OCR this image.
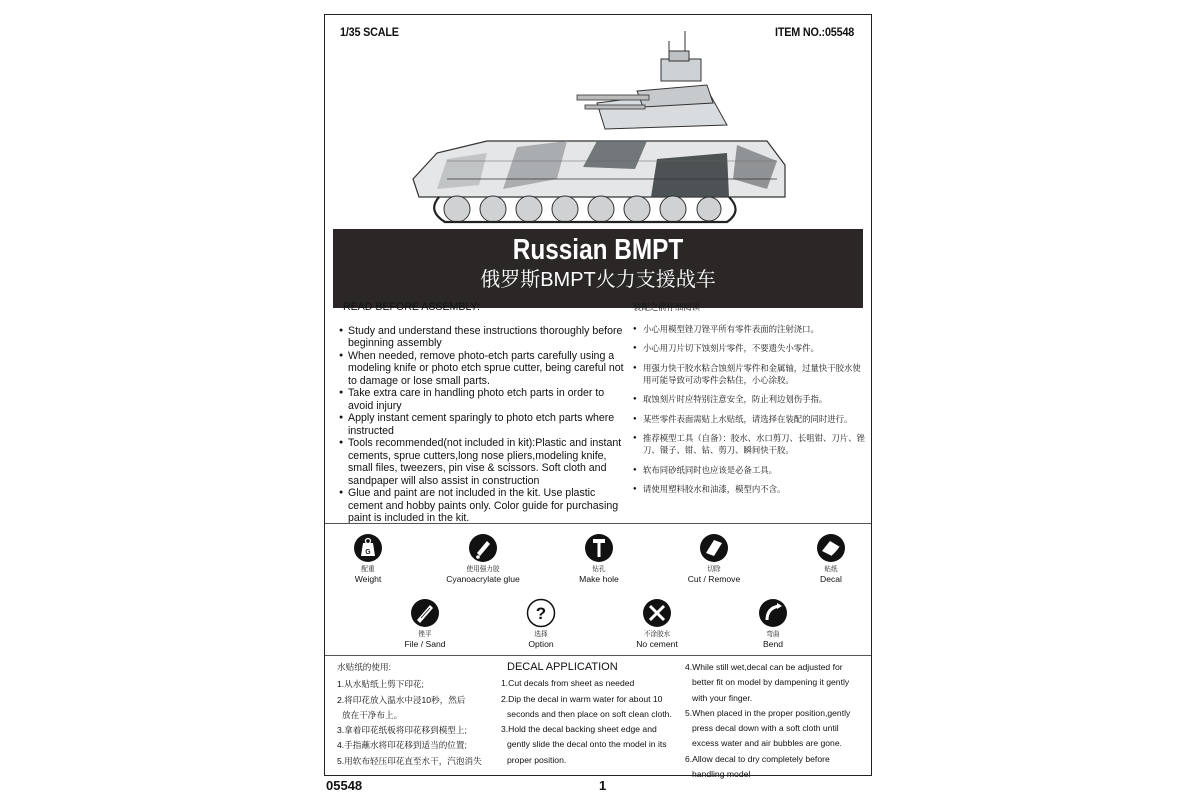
1/35 SCALE	ITEM NO.:05548
Russian BMPT
俄罗斯BMPT火力支援战车
READ BEFORE ASSEMBLY:
● Study and understand these instructions thoroughly before beginning assembly
● When needed, remove photo-etch parts carefully using a modeling knife or photo etch sprue cutter, being careful not to damage or lose small parts.
● Take extra care in handling photo etch parts in order to avoid injury
● Apply instant cement sparingly to photo etch parts where instructed
● Tools recommended(not included in kit):Plastic and instant cements, sprue cutters,long nose pliers,modeling knife, small files, tweezers, pin vise & scissors. Soft cloth and sandpaper will also assist in construction
● Glue and paint are not included in the kit. Use plastic cement and hobby paints only. Color guide for purchasing paint is included in the kit.
装配之前仔细阅读
● 小心用模型锉刀锉平所有零件表面的注射浇口。
● 小心用刀片切下蚀刻片零件，不要遗失小零件。
● 用强力快干胶水粘合蚀刻片零件和金属轴，过量快干胶水使用可能导致可动零件会粘住，小心涂胶。
● 取蚀刻片时应特别注意安全，防止利边划伤手指。
● 某些零件表面需贴上水贴纸，请选择在装配的同时进行。
● 推荐模型工具（自备）：胶水、水口剪刀、长咀钳、刀片、锉刀、镊子、钳、钻、剪刀、瞬间快干胶。
● 软布同砂纸同时也应该是必备工具。
● 请使用塑料胶水和油漆，模型内不含。
G
配重
Weight
使用强力胶
Cyanoacrylate glue
钻孔
Make hole
切除
Cut / Remove
贴纸
Decal
锉平
File / Sand
?
选择
Option
不涂胶水
No cement
弯曲
Bend
水贴纸的使用:
1.从水贴纸上剪下印花;
2.将印花放入温水中浸10秒，然后
放在干净布上。
3.拿着印花纸板将印花移到模型上;
4.手指蘸水将印花移到适当的位置;
5.用软布轻压印花直至水干，汽泡消失
DECAL APPLICATION
1.Cut decals from sheet as needed
2.Dip the decal in warm water for about 10
seconds and then place on soft clean cloth.
3.Hold the decal backing sheet edge and
gently slide the decal onto the model in its
proper position.
4.While still wet,decal can be adjusted for
better fit on model by dampening it gently
with your finger.
5.When placed in the proper position,gently
press decal down with a soft cloth until
excess water and air bubbles are gone.
6.Allow decal to dry completely before
handling model
05548	1
